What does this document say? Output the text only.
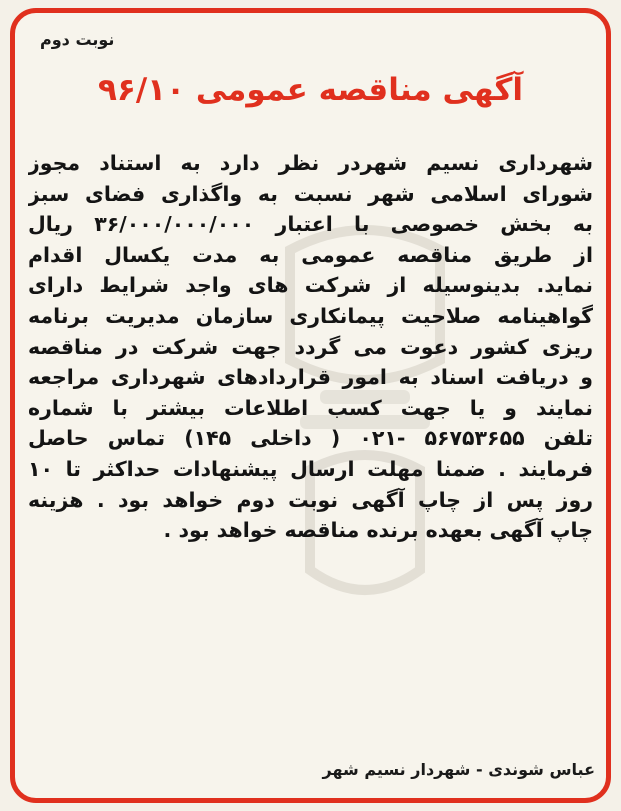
نوبت دوم
آگهی مناقصه عمومی ۹۶/۱۰
شهرداری نسیم شهردر نظر دارد به استناد مجوز
شورای اسلامی شهر نسبت به واگذاری فضای سبز
به بخش خصوصی با اعتبار ۳۶/۰۰۰/۰۰۰/۰۰۰ ریال
از طریق مناقصه عمومی به مدت یکسال اقدام
نماید. بدینوسیله از شرکت های واجد شرایط دارای
گواهینامه صلاحیت پیمانکاری سازمان مدیریت برنامه
ریزی کشور دعوت می گردد جهت شرکت در مناقصه
و دریافت اسناد به امور قراردادهای شهرداری مراجعه
نمایند و یا جهت کسب اطلاعات بیشتر با شماره
تلفن ۵۶۷۵۳۶۵۵ -۰۲۱ ( داخلی ۱۴۵) تماس حاصل
فرمایند . ضمنا مهلت ارسال پیشنهادات حداکثر تا ۱۰
روز پس از چاپ آگهی نوبت دوم خواهد بود . هزینه
چاپ آگهی بعهده برنده مناقصه خواهد بود .
عباس شوندی - شهردار نسیم شهر
